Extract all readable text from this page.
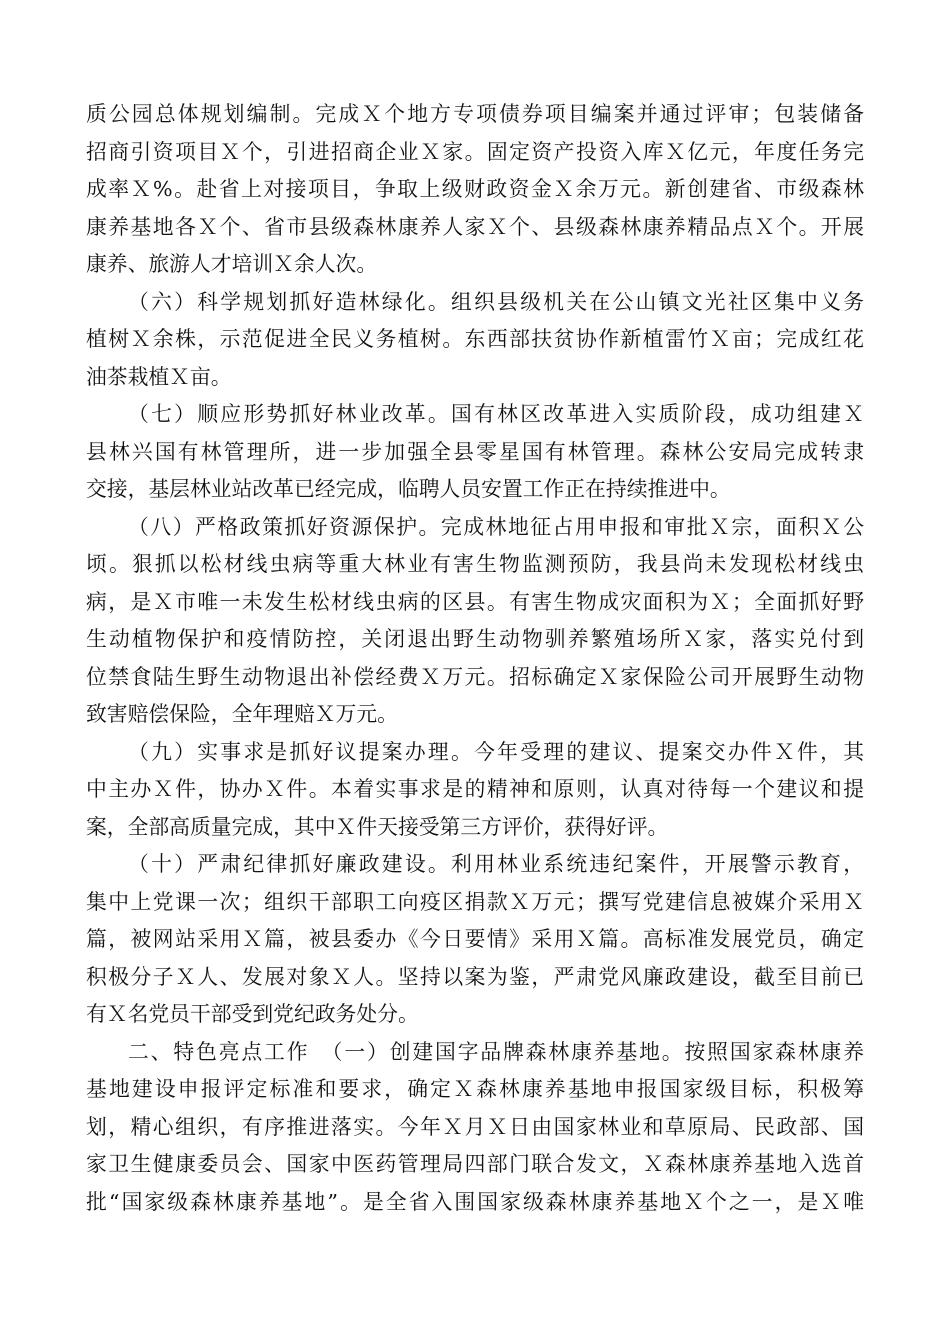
质公园总体规划编制。完成Ｘ个地方专项债券项目编案并通过评审；包装储备
招商引资项目Ｘ个，引进招商企业Ｘ家。固定资产投资入库Ｘ亿元，年度任务完
成率Ｘ%。赴省上对接项目，争取上级财政资金Ｘ余万元。新创建省、市级森林
康养基地各Ｘ个、省市县级森林康养人家Ｘ个、县级森林康养精品点Ｘ个。开展
康养、旅游人才培训Ｘ余人次。
（六）科学规划抓好造林绿化。组织县级机关在公山镇文光社区集中义务
植树Ｘ余株，示范促进全民义务植树。东西部扶贫协作新植雷竹Ｘ亩；完成红花
油茶栽植Ｘ亩。
（七）顺应形势抓好林业改革。国有林区改革进入实质阶段，成功组建Ｘ
县林兴国有林管理所，进一步加强全县零星国有林管理。森林公安局完成转隶
交接，基层林业站改革已经完成，临聘人员安置工作正在持续推进中。
（八）严格政策抓好资源保护。完成林地征占用申报和审批Ｘ宗，面积Ｘ公
顷。狠抓以松材线虫病等重大林业有害生物监测预防，我县尚未发现松材线虫
病，是Ｘ市唯一未发生松材线虫病的区县。有害生物成灾面积为Ｘ；全面抓好野
生动植物保护和疫情防控，关闭退出野生动物驯养繁殖场所Ｘ家，落实兑付到
位禁食陆生野生动物退出补偿经费Ｘ万元。招标确定Ｘ家保险公司开展野生动物
致害赔偿保险，全年理赔Ｘ万元。
（九）实事求是抓好议提案办理。今年受理的建议、提案交办件Ｘ件，其
中主办Ｘ件，协办Ｘ件。本着实事求是的精神和原则，认真对待每一个建议和提
案，全部高质量完成，其中Ｘ件天接受第三方评价，获得好评。
（十）严肃纪律抓好廉政建设。利用林业系统违纪案件，开展警示教育，
集中上党课一次；组织干部职工向疫区捐款Ｘ万元；撰写党建信息被媒介采用Ｘ
篇，被网站采用Ｘ篇，被县委办《今日要情》采用Ｘ篇。高标准发展党员，确定
积极分子Ｘ人、发展对象Ｘ人。坚持以案为鉴，严肃党风廉政建设，截至目前已
有Ｘ名党员干部受到党纪政务处分。
二、特色亮点工作　（一）创建国字品牌森林康养基地。按照国家森林康养
基地建设申报评定标准和要求，确定Ｘ森林康养基地申报国家级目标，积极筹
划，精心组织，有序推进落实。今年Ｘ月Ｘ日由国家林业和草原局、民政部、国
家卫生健康委员会、国家中医药管理局四部门联合发文，Ｘ森林康养基地入选首
批“国家级森林康养基地”。是全省入围国家级森林康养基地Ｘ个之一，是Ｘ唯
